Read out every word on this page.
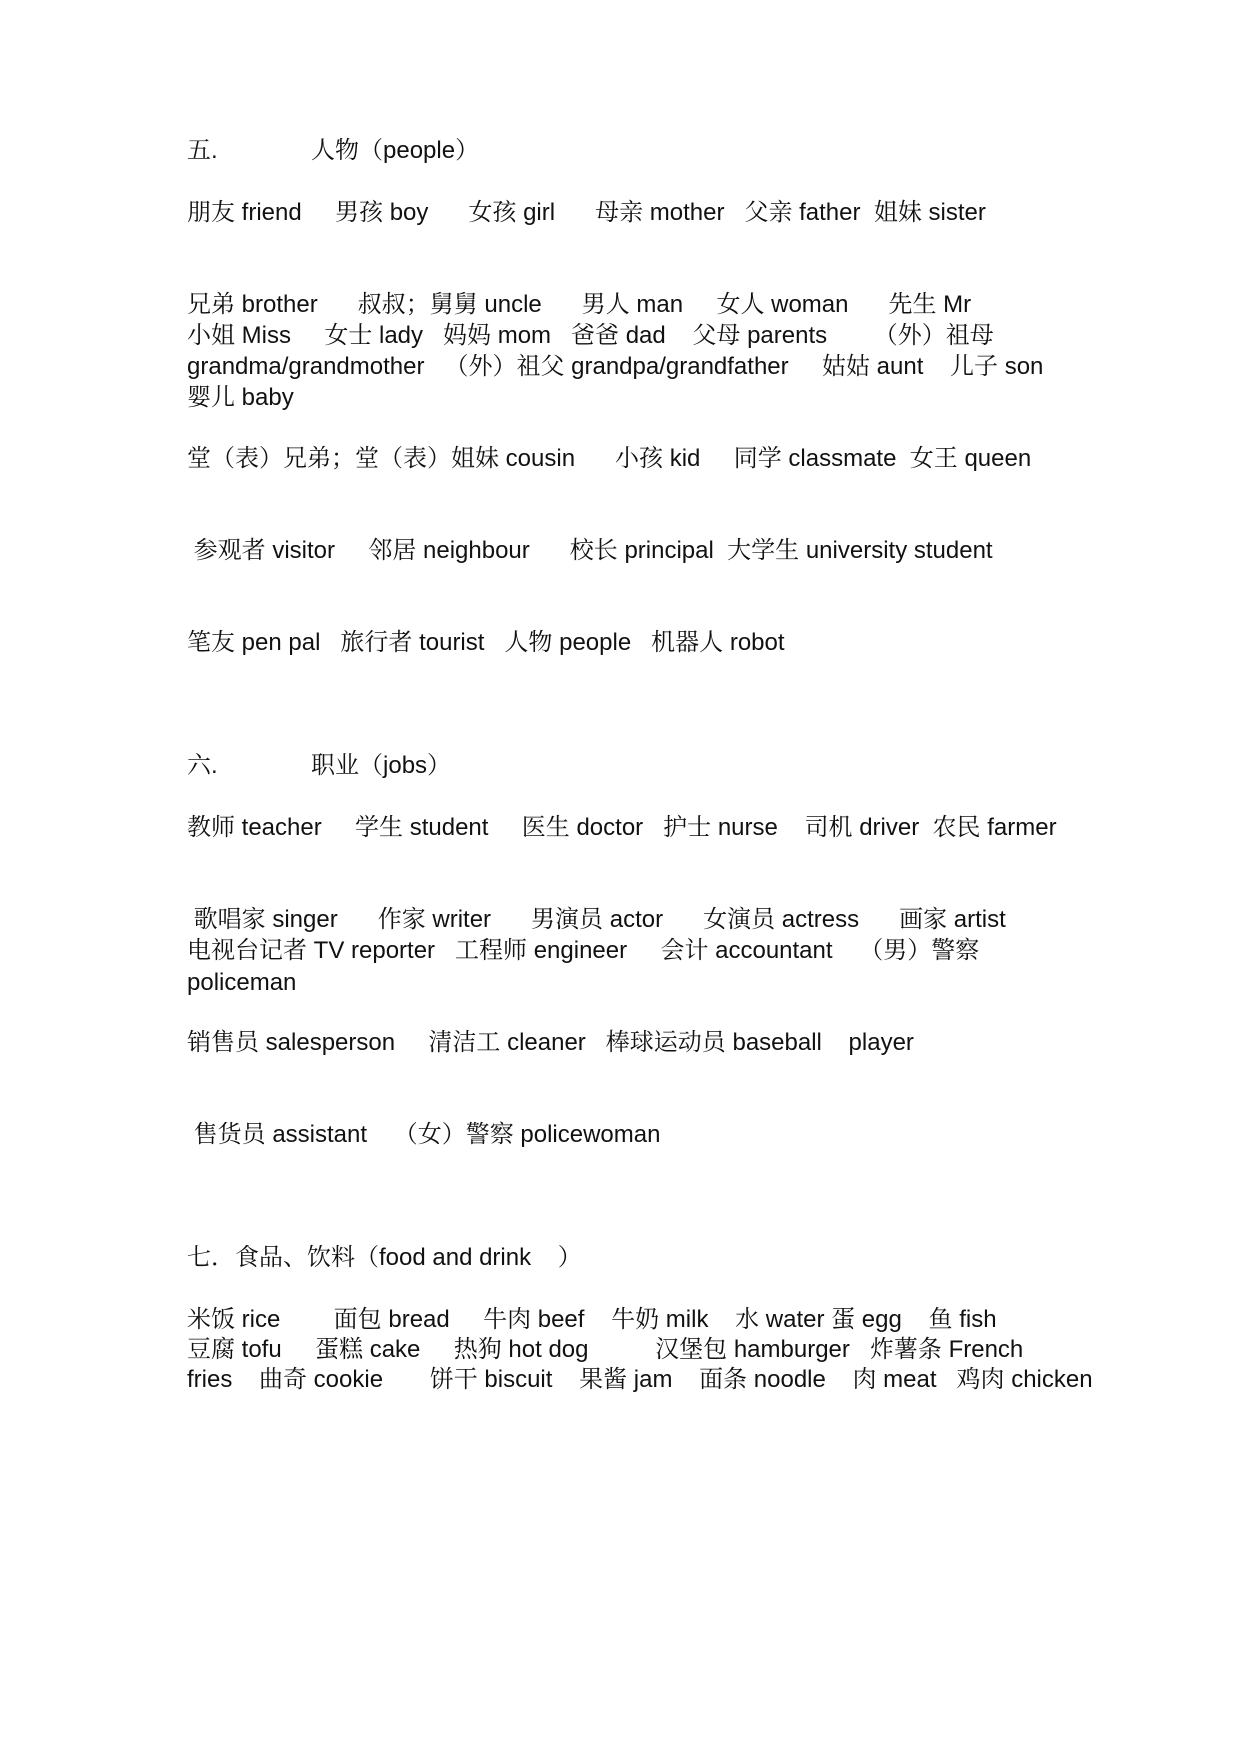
五.              人物（people）
朋友 friend     男孩 boy      女孩 girl      母亲 mother   父亲 father  姐妹 sister
兄弟 brother      叔叔；舅舅 uncle      男人 man     女人 woman      先生 Mr
小姐 Miss     女士 lady   妈妈 mom   爸爸 dad    父母 parents       （外）祖母
grandma/grandmother   （外）祖父 grandpa/grandfather     姑姑 aunt    儿子 son
婴儿 baby
堂（表）兄弟；堂（表）姐妹 cousin      小孩 kid     同学 classmate  女王 queen
参观者 visitor     邻居 neighbour      校长 principal  大学生 university student
笔友 pen pal   旅行者 tourist   人物 people   机器人 robot
六.              职业（jobs）
教师 teacher     学生 student     医生 doctor   护士 nurse    司机 driver  农民 farmer
歌唱家 singer      作家 writer      男演员 actor      女演员 actress      画家 artist
电视台记者 TV reporter   工程师 engineer     会计 accountant    （男）警察
policeman
销售员 salesperson     清洁工 cleaner   棒球运动员 baseball    player
售货员 assistant    （女）警察 policewoman
七．食品、饮料（food and drink    ）
米饭 rice        面包 bread     牛肉 beef    牛奶 milk    水 water 蛋 egg    鱼 fish
豆腐 tofu     蛋糕 cake     热狗 hot dog          汉堡包 hamburger   炸薯条 French
fries    曲奇 cookie       饼干 biscuit    果酱 jam    面条 noodle    肉 meat   鸡肉 chicken
